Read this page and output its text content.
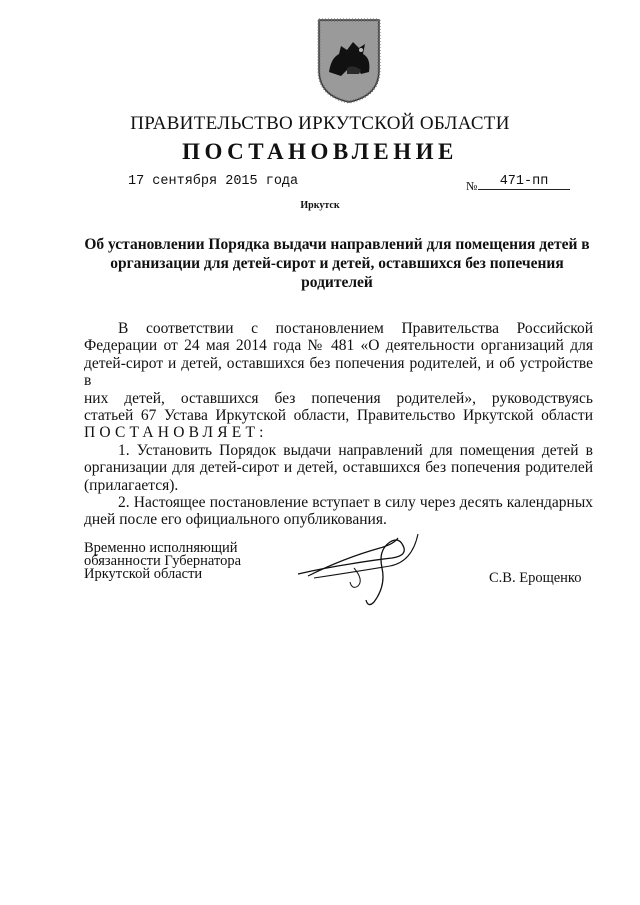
ПРАВИТЕЛЬСТВО ИРКУТСКОЙ ОБЛАСТИ
ПОСТАНОВЛЕНИЕ
17 сентября 2015 года	№	471-пп
Иркутск
Об установлении Порядка выдачи направлений для помещения детей в организации для детей-сирот и детей, оставшихся без попечения родителей

В соответствии с постановлением Правительства Российской

Федерации от 24 мая 2014 года № 481 «О деятельности организаций для

детей-сирот и детей, оставшихся без попечения родителей, и об устройстве в

них детей, оставшихся без попечения родителей», руководствуясь

статьей 67 Устава Иркутской области, Правительство Иркутской области

ПОСТАНОВЛЯЕТ:

1. Установить Порядок выдачи направлений для помещения детей в

организации для детей-сирот и детей, оставшихся без попечения родителей

(прилагается).

2. Настоящее постановление вступает в силу через десять календарных

дней после его официального опубликования.

Временно исполняющий
обязанности Губернатора
Иркутской области	С.В. Ерощенко
